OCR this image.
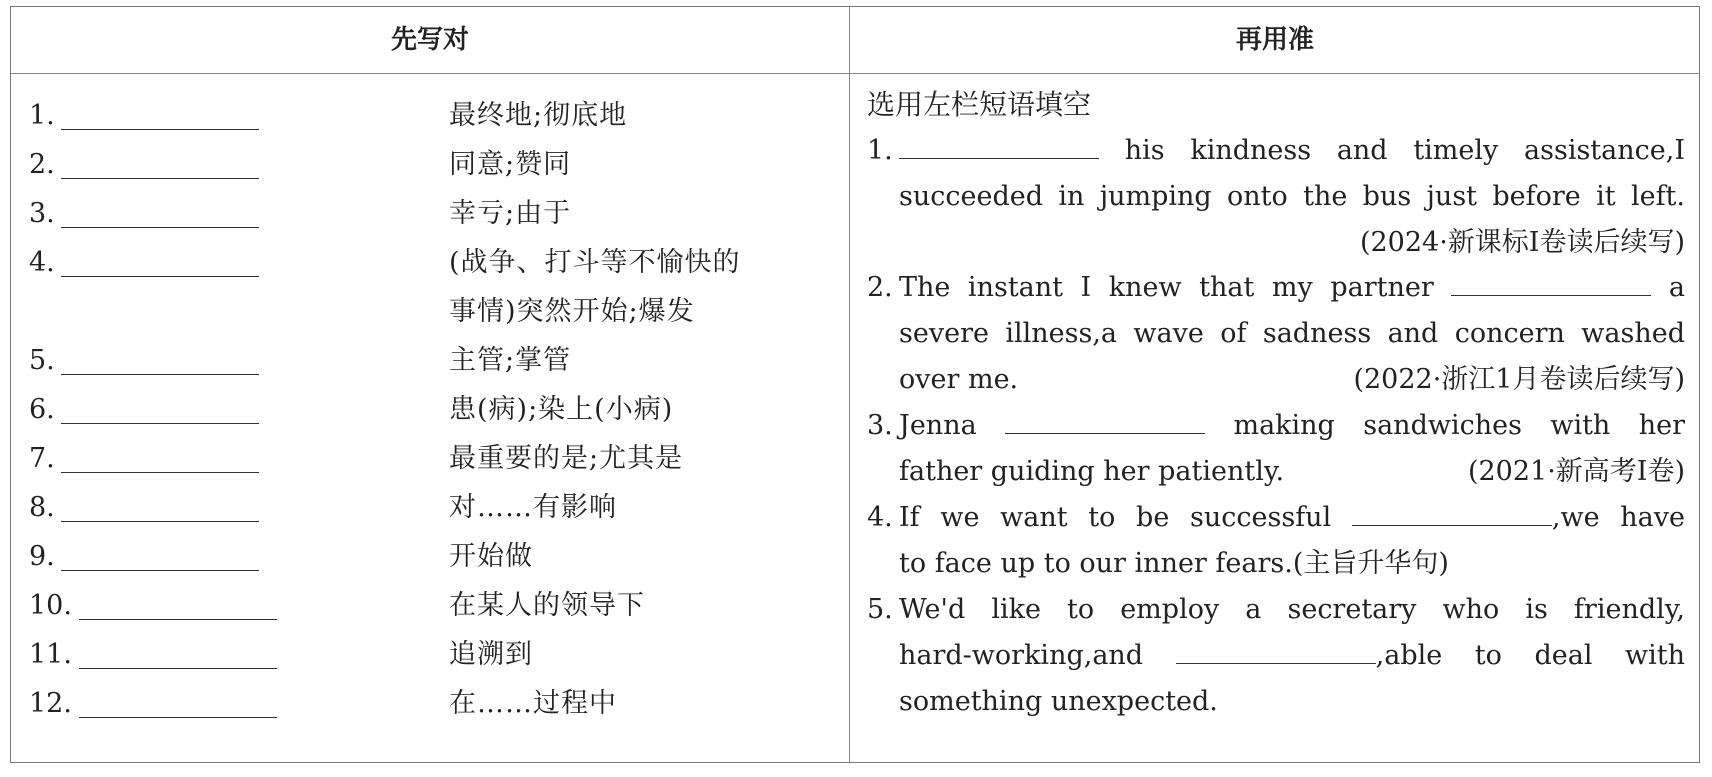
先写对	再用准
1.	最终地;彻底地
2.	同意;赞同
3.	幸亏;由于
4.	(战争、打斗等不愉快的
事情)突然开始;爆发
5.	主管;掌管
6.	患(病);染上(小病)
7.	最重要的是;尤其是
8.	对……有影响
9.	开始做
10.	在某人的领导下
11.	追溯到
12.	在……过程中
选用左栏短语填空
1.	his kindness and timely assistance,I
succeeded in jumping onto the bus just before it left.
(2024·新课标Ⅰ卷读后续写)
2. The instant I knew that my partner	a
severe illness,a wave of sadness and concern washed
over me.	(2022·浙江1月卷读后续写)
3. Jenna	making sandwiches with her
father guiding her patiently.	(2021·新高考Ⅰ卷)
4. If we want to be successful	,we have
to face up to our inner fears.(主旨升华句)
5. We'd like to employ a secretary who is friendly,
hard-working,and	,able to deal with
something unexpected.
